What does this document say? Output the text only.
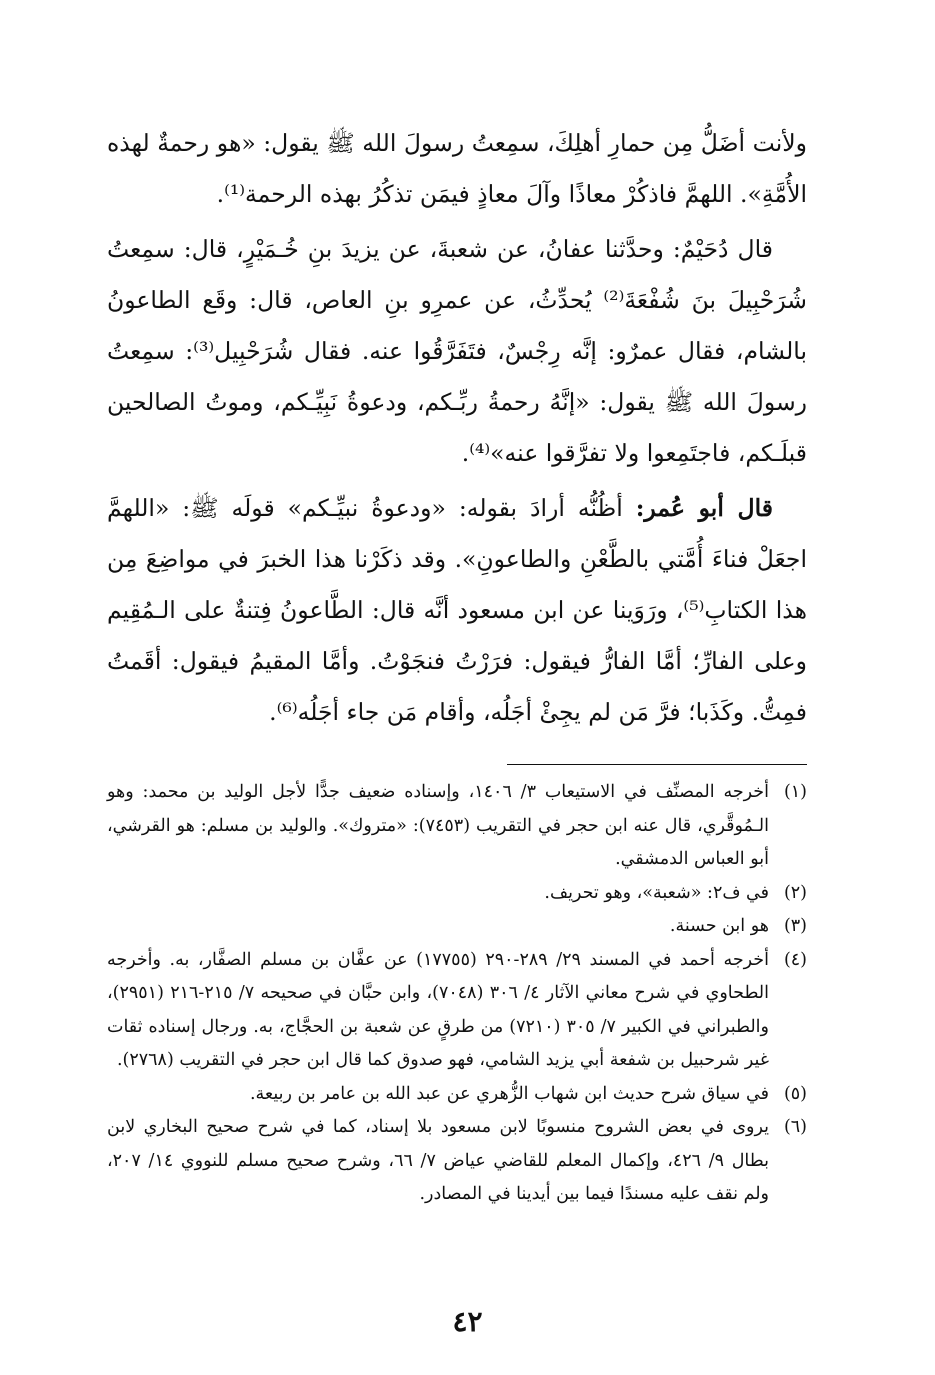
ولأنت أضَلُّ مِن حمارِ أهلِكَ، سمِعتُ رسولَ الله ﷺ يقول: «هو رحمةٌ لهذه الأُمَّةِ». اللهمَّ فاذكُرْ معاذًا وآلَ معاذٍ فيمَن تذكُرُ بهذه الرحمة⁽¹⁾.

قال دُحَيْمٌ: وحدَّثنا عفانُ، عن شعبةَ، عن يزيدَ بنِ خُـمَيْرٍ، قال: سمِعتُ شُرَحْبِيلَ بنَ شُفْعَةَ⁽²⁾ يُحدِّثُ، عن عمرِو بنِ العاص، قال: وقَع الطاعونُ بالشام، فقال عمرٌو: إنَّه رِجْسٌ، فتَفَرَّقُوا عنه. فقال شُرَحْبِيل⁽³⁾: سمِعتُ رسولَ الله ﷺ يقول: «إنَّهُ رحمةُ ربِّـكم، ودعوةُ نَبِيِّـكم، وموتُ الصالحين قبلَـكم، فاجتَمِعوا ولا تفرَّقوا عنه»⁽⁴⁾.

قال أبو عُمر: أظُنُّه أرادَ بقوله: «ودعوةُ نبيِّـكم» قولَه ﷺ: «اللهمَّ اجعَلْ فناءَ أُمَّتي بالطَّعْنِ والطاعونِ». وقد ذكَرْنا هذا الخبرَ في مواضِعَ مِن هذا الكتابِ⁽⁵⁾، ورَوَينا عن ابن مسعود أنَّه قال: الطَّاعونُ فِتنةٌ على الـمُقِيم وعلى الفارِّ؛ أمَّا الفارُّ فيقول: فرَرْتُ فنجَوْتُ. وأمَّا المقيمُ فيقول: أقَمتُ فمِتُّ. وكَذَبا؛ فرَّ مَن لم يجِئْ أجَلُه، وأقام مَن جاء أجَلُه⁽⁶⁾.

(١)
أخرجه المصنِّف في الاستيعاب ٣/ ١٤٠٦، وإسناده ضعيف جدًّا لأجل الوليد بن محمد: وهو الـمُوقَّري، قال عنه ابن حجر في التقريب (٧٤٥٣): «متروك». والوليد بن مسلم: هو القرشي، أبو العباس الدمشقي.
(٢)
في ف٢: «شعبة»، وهو تحريف.
(٣)
هو ابن حسنة.
(٤)
أخرجه أحمد في المسند ٢٩/ ٢٨٩-٢٩٠ (١٧٧٥٥) عن عفَّان بن مسلم الصفَّار، به. وأخرجه الطحاوي في شرح معاني الآثار ٤/ ٣٠٦ (٧٠٤٨)، وابن حبَّان في صحيحه ٧/ ٢١٥-٢١٦ (٢٩٥١)، والطبراني في الكبير ٧/ ٣٠٥ (٧٢١٠) من طرقٍ عن شعبة بن الحجَّاج، به. ورجال إسناده ثقات غير شرحبيل بن شفعة أبي يزيد الشامي، فهو صدوق كما قال ابن حجر في التقريب (٢٧٦٨).
(٥)
في سياق شرح حديث ابن شهاب الزُّهري عن عبد الله بن عامر بن ربيعة.
(٦)
يروى في بعض الشروح منسوبًا لابن مسعود بلا إسناد، كما في شرح صحيح البخاري لابن بطال ٩/ ٤٢٦، وإكمال المعلم للقاضي عياض ٧/ ٦٦، وشرح صحيح مسلم للنووي ١٤/ ٢٠٧، ولم نقف عليه مسندًا فيما بين أيدينا في المصادر.
٤٢
